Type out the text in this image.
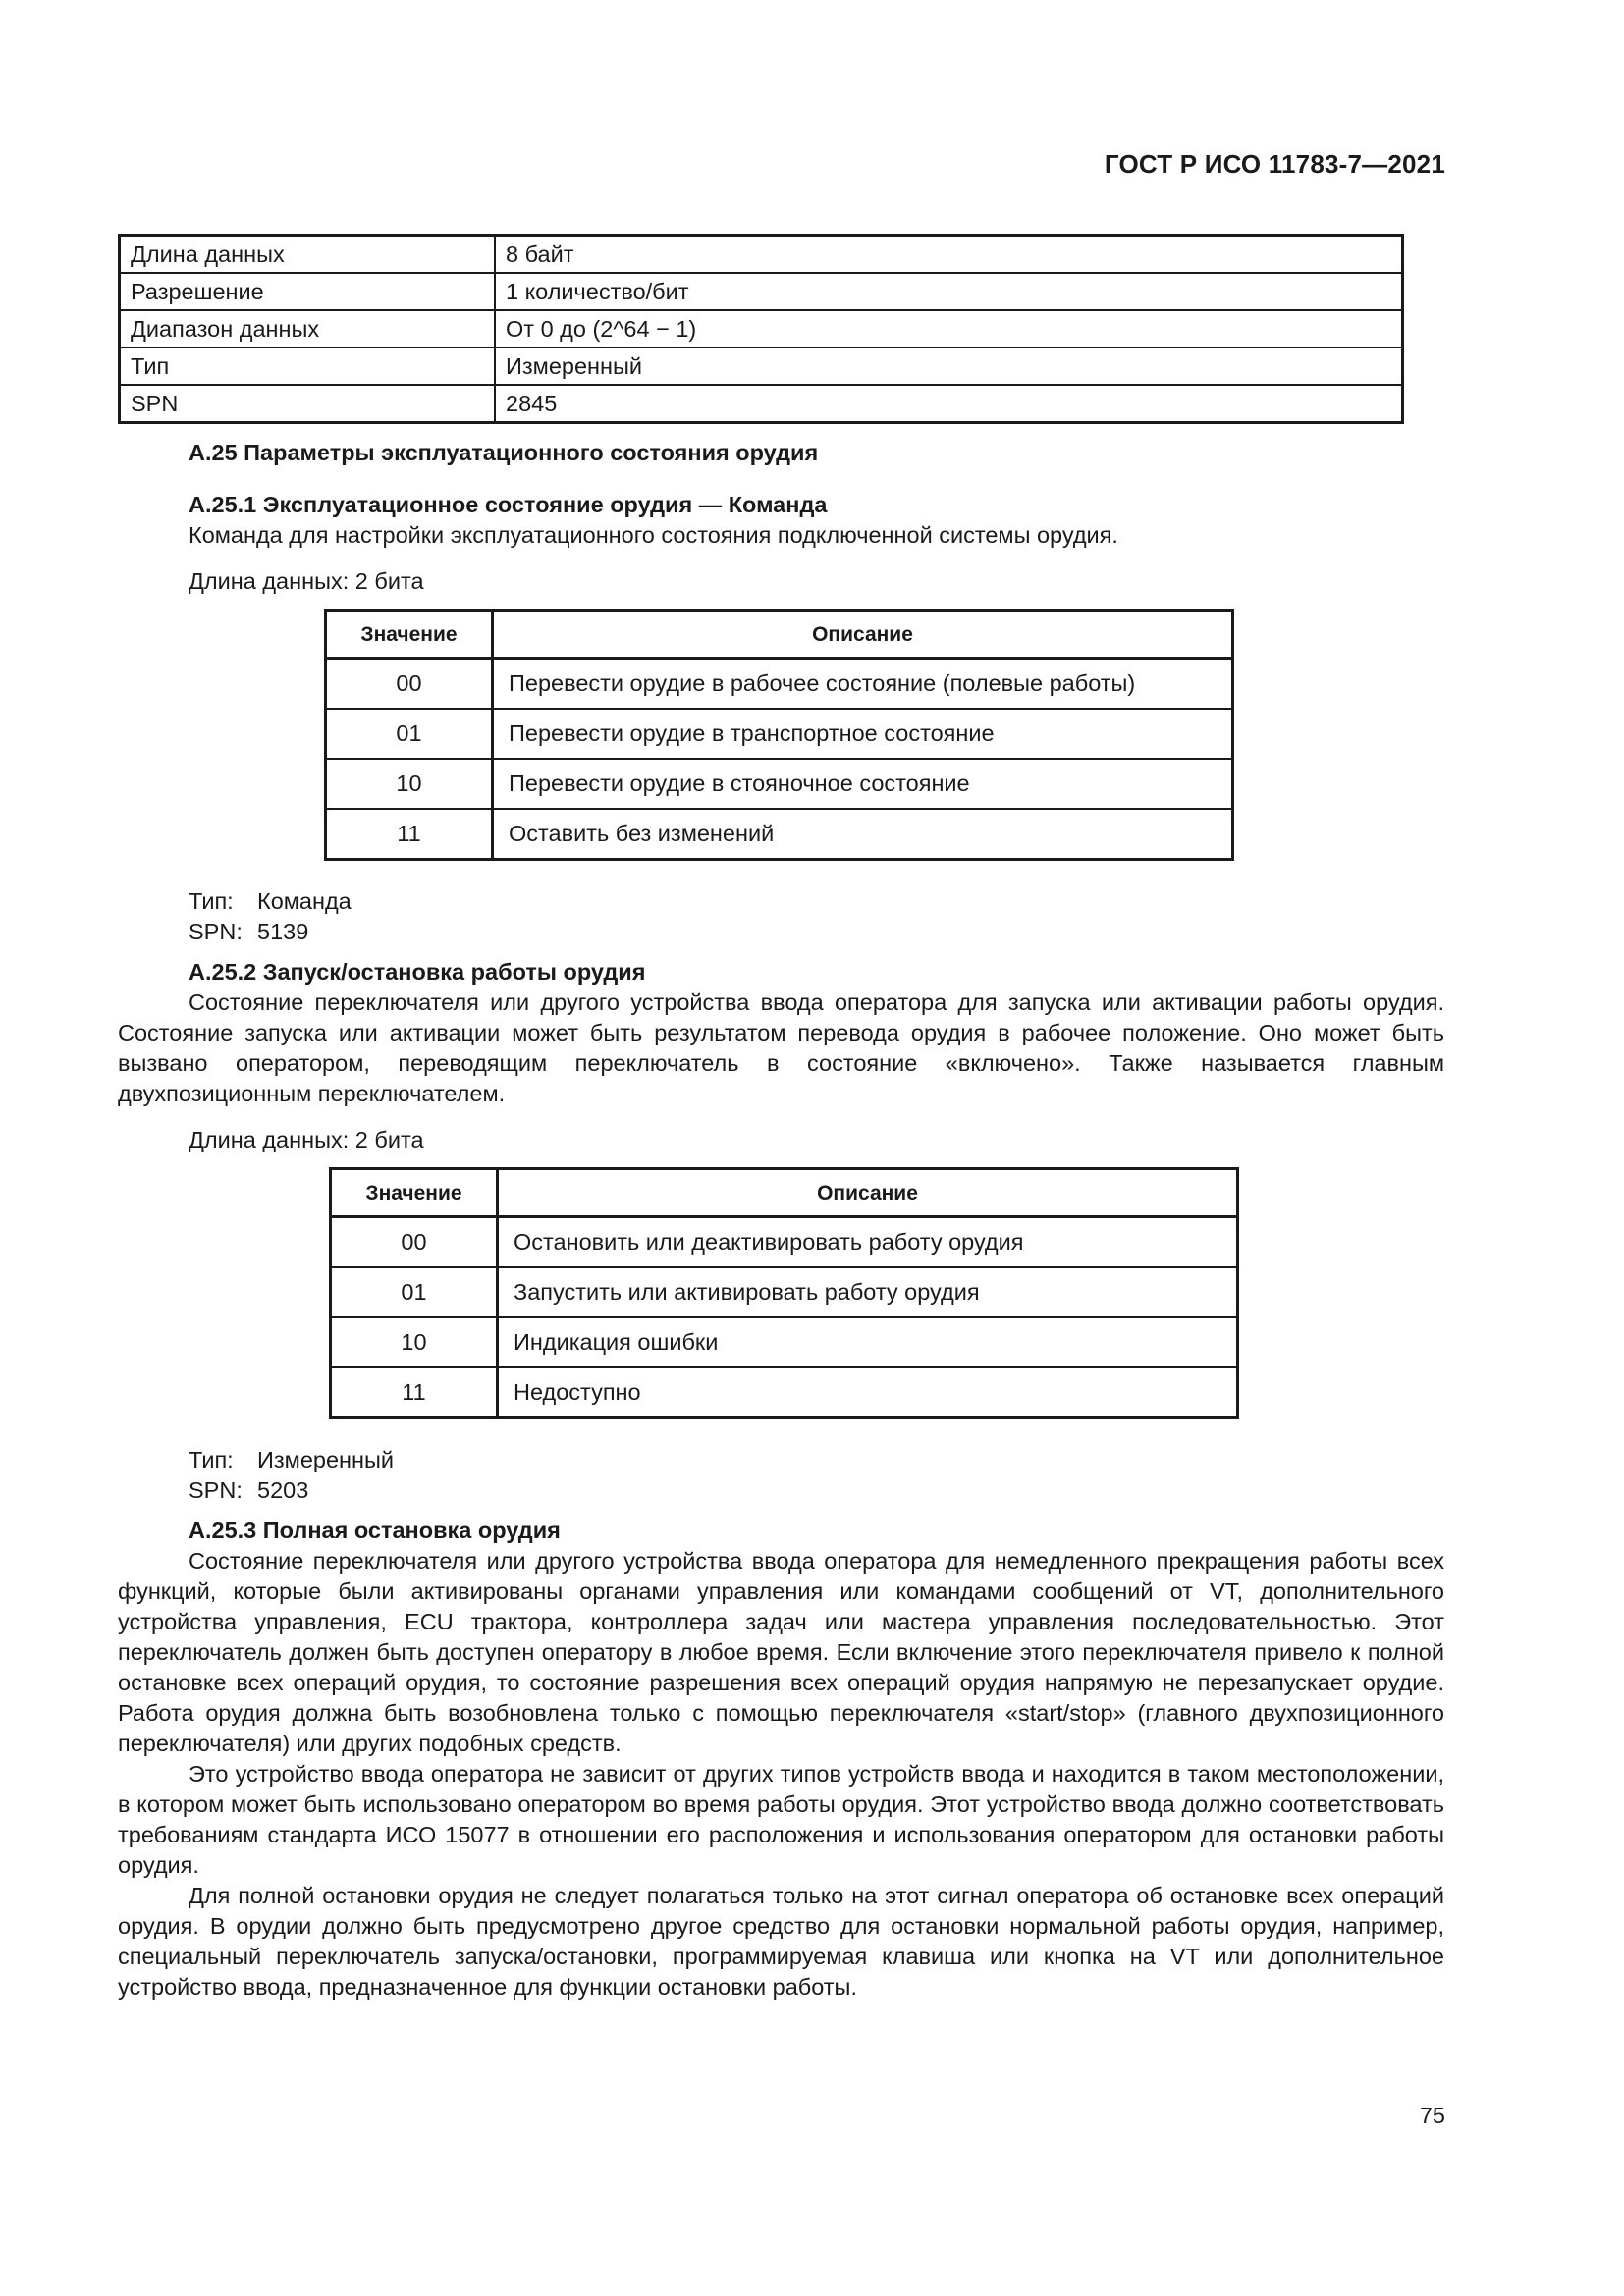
ГОСТ Р ИСО 11783-7—2021
Длина данных	8 байт
Разрешение	1 количество/бит
Диапазон данных	От 0 до (2^64 − 1)
Тип	Измеренный
SPN	2845
А.25 Параметры эксплуатационного состояния орудия
А.25.1 Эксплуатационное состояние орудия — Команда
Команда для настройки эксплуатационного состояния подключенной системы орудия.
Длина данных: 2 бита
Значение	Описание
00	Перевести орудие в рабочее состояние (полевые работы)
01	Перевести орудие в транспортное состояние
10	Перевести орудие в стояночное состояние
11	Оставить без изменений
Тип: Команда
SPN: 5139
А.25.2 Запуск/остановка работы орудия

Состояние переключателя или другого устройства ввода оператора для запуска или активации работы орудия. Состояние запуска или активации может быть результатом перевода орудия в рабочее положение. Оно может быть вызвано оператором, переводящим переключатель в состояние «включено». Также называется главным двухпозиционным переключателем.

Длина данных: 2 бита
Значение	Описание
00	Остановить или деактивировать работу орудия
01	Запустить или активировать работу орудия
10	Индикация ошибки
11	Недоступно
Тип: Измеренный
SPN: 5203
А.25.3 Полная остановка орудия

Состояние переключателя или другого устройства ввода оператора для немедленного прекращения работы всех функций, которые были активированы органами управления или командами сообщений от VT, дополнительного устройства управления, ECU трактора, контроллера задач или мастера управления последовательностью. Этот переключатель должен быть доступен оператору в любое время. Если включение этого переключателя привело к полной остановке всех операций орудия, то состояние разрешения всех операций орудия напрямую не перезапускает орудие. Работа орудия должна быть возобновлена только с помощью переключателя «start/stop» (главного двухпозиционного переключателя) или других подобных средств.

Это устройство ввода оператора не зависит от других типов устройств ввода и находится в таком местоположении, в котором может быть использовано оператором во время работы орудия. Этот устройство ввода должно соответствовать требованиям стандарта ИСО 15077 в отношении его расположения и использования оператором для остановки работы орудия.

Для полной остановки орудия не следует полагаться только на этот сигнал оператора об остановке всех операций орудия. В орудии должно быть предусмотрено другое средство для остановки нормальной работы орудия, например, специальный переключатель запуска/остановки, программируемая клавиша или кнопка на VT или дополнительное устройство ввода, предназначенное для функции остановки работы.

75
